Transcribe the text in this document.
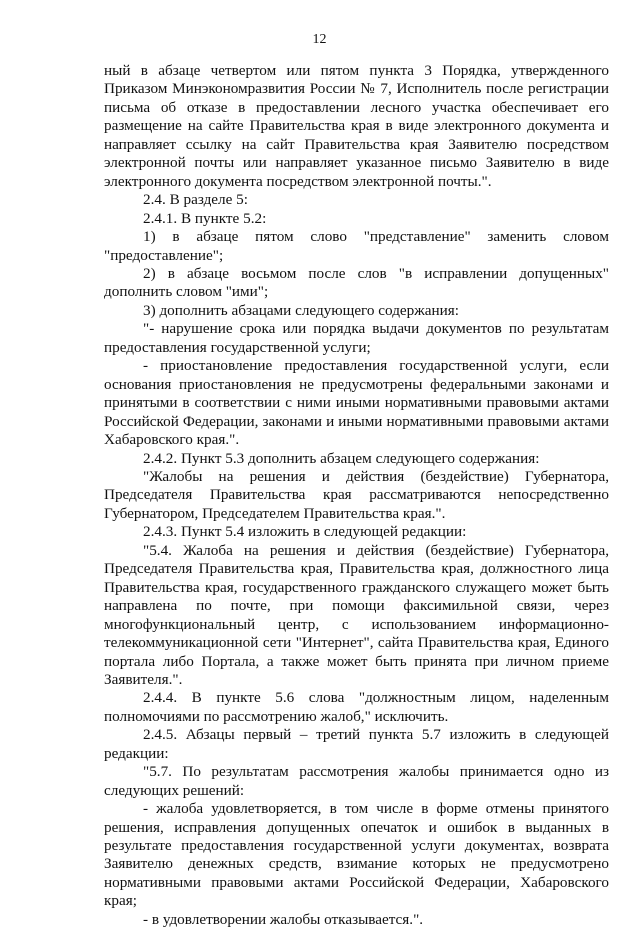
12

ный в абзаце четвертом или пятом пункта 3 Порядка, утвержденного Приказом Минэкономразвития России № 7, Исполнитель после регистрации письма об отказе в предоставлении лесного участка обеспечивает его размещение на сайте Правительства края в виде электронного документа и направляет ссылку на сайт Правительства края Заявителю посредством электронной почты или направляет указанное письмо Заявителю в виде электронного документа посредством электронной почты.".

2.4. В разделе 5:

2.4.1. В пункте 5.2:

1) в абзаце пятом слово "представление" заменить словом "предоставление";

2) в абзаце восьмом после слов "в исправлении допущенных" дополнить словом "ими";

3) дополнить абзацами следующего содержания:

"- нарушение срока или порядка выдачи документов по результатам предоставления государственной услуги;

- приостановление предоставления государственной услуги, если основания приостановления не предусмотрены федеральными законами и принятыми в соответствии с ними иными нормативными правовыми актами Российской Федерации, законами и иными нормативными правовыми актами Хабаровского края.".

2.4.2. Пункт 5.3 дополнить абзацем следующего содержания:

"Жалобы на решения и действия (бездействие) Губернатора, Председателя Правительства края рассматриваются непосредственно Губернатором, Председателем Правительства края.".

2.4.3. Пункт 5.4 изложить в следующей редакции:

"5.4. Жалоба на решения и действия (бездействие) Губернатора, Председателя Правительства края, Правительства края, должностного лица Правительства края, государственного гражданского служащего может быть направлена по почте, при помощи факсимильной связи, через многофункциональный центр, с использованием информационно-телекоммуникационной сети "Интернет", сайта Правительства края, Единого портала либо Портала, а также может быть принята при личном приеме Заявителя.".

2.4.4. В пункте 5.6 слова "должностным лицом, наделенным полномочиями по рассмотрению жалоб," исключить.

2.4.5. Абзацы первый – третий пункта 5.7 изложить в следующей редакции:

"5.7. По результатам рассмотрения жалобы принимается одно из следующих решений:

- жалоба удовлетворяется, в том числе в форме отмены принятого решения, исправления допущенных опечаток и ошибок в выданных в результате предоставления государственной услуги документах, возврата Заявителю денежных средств, взимание которых не предусмотрено нормативными правовыми актами Российской Федерации, Хабаровского края;

- в удовлетворении жалобы отказывается.".
